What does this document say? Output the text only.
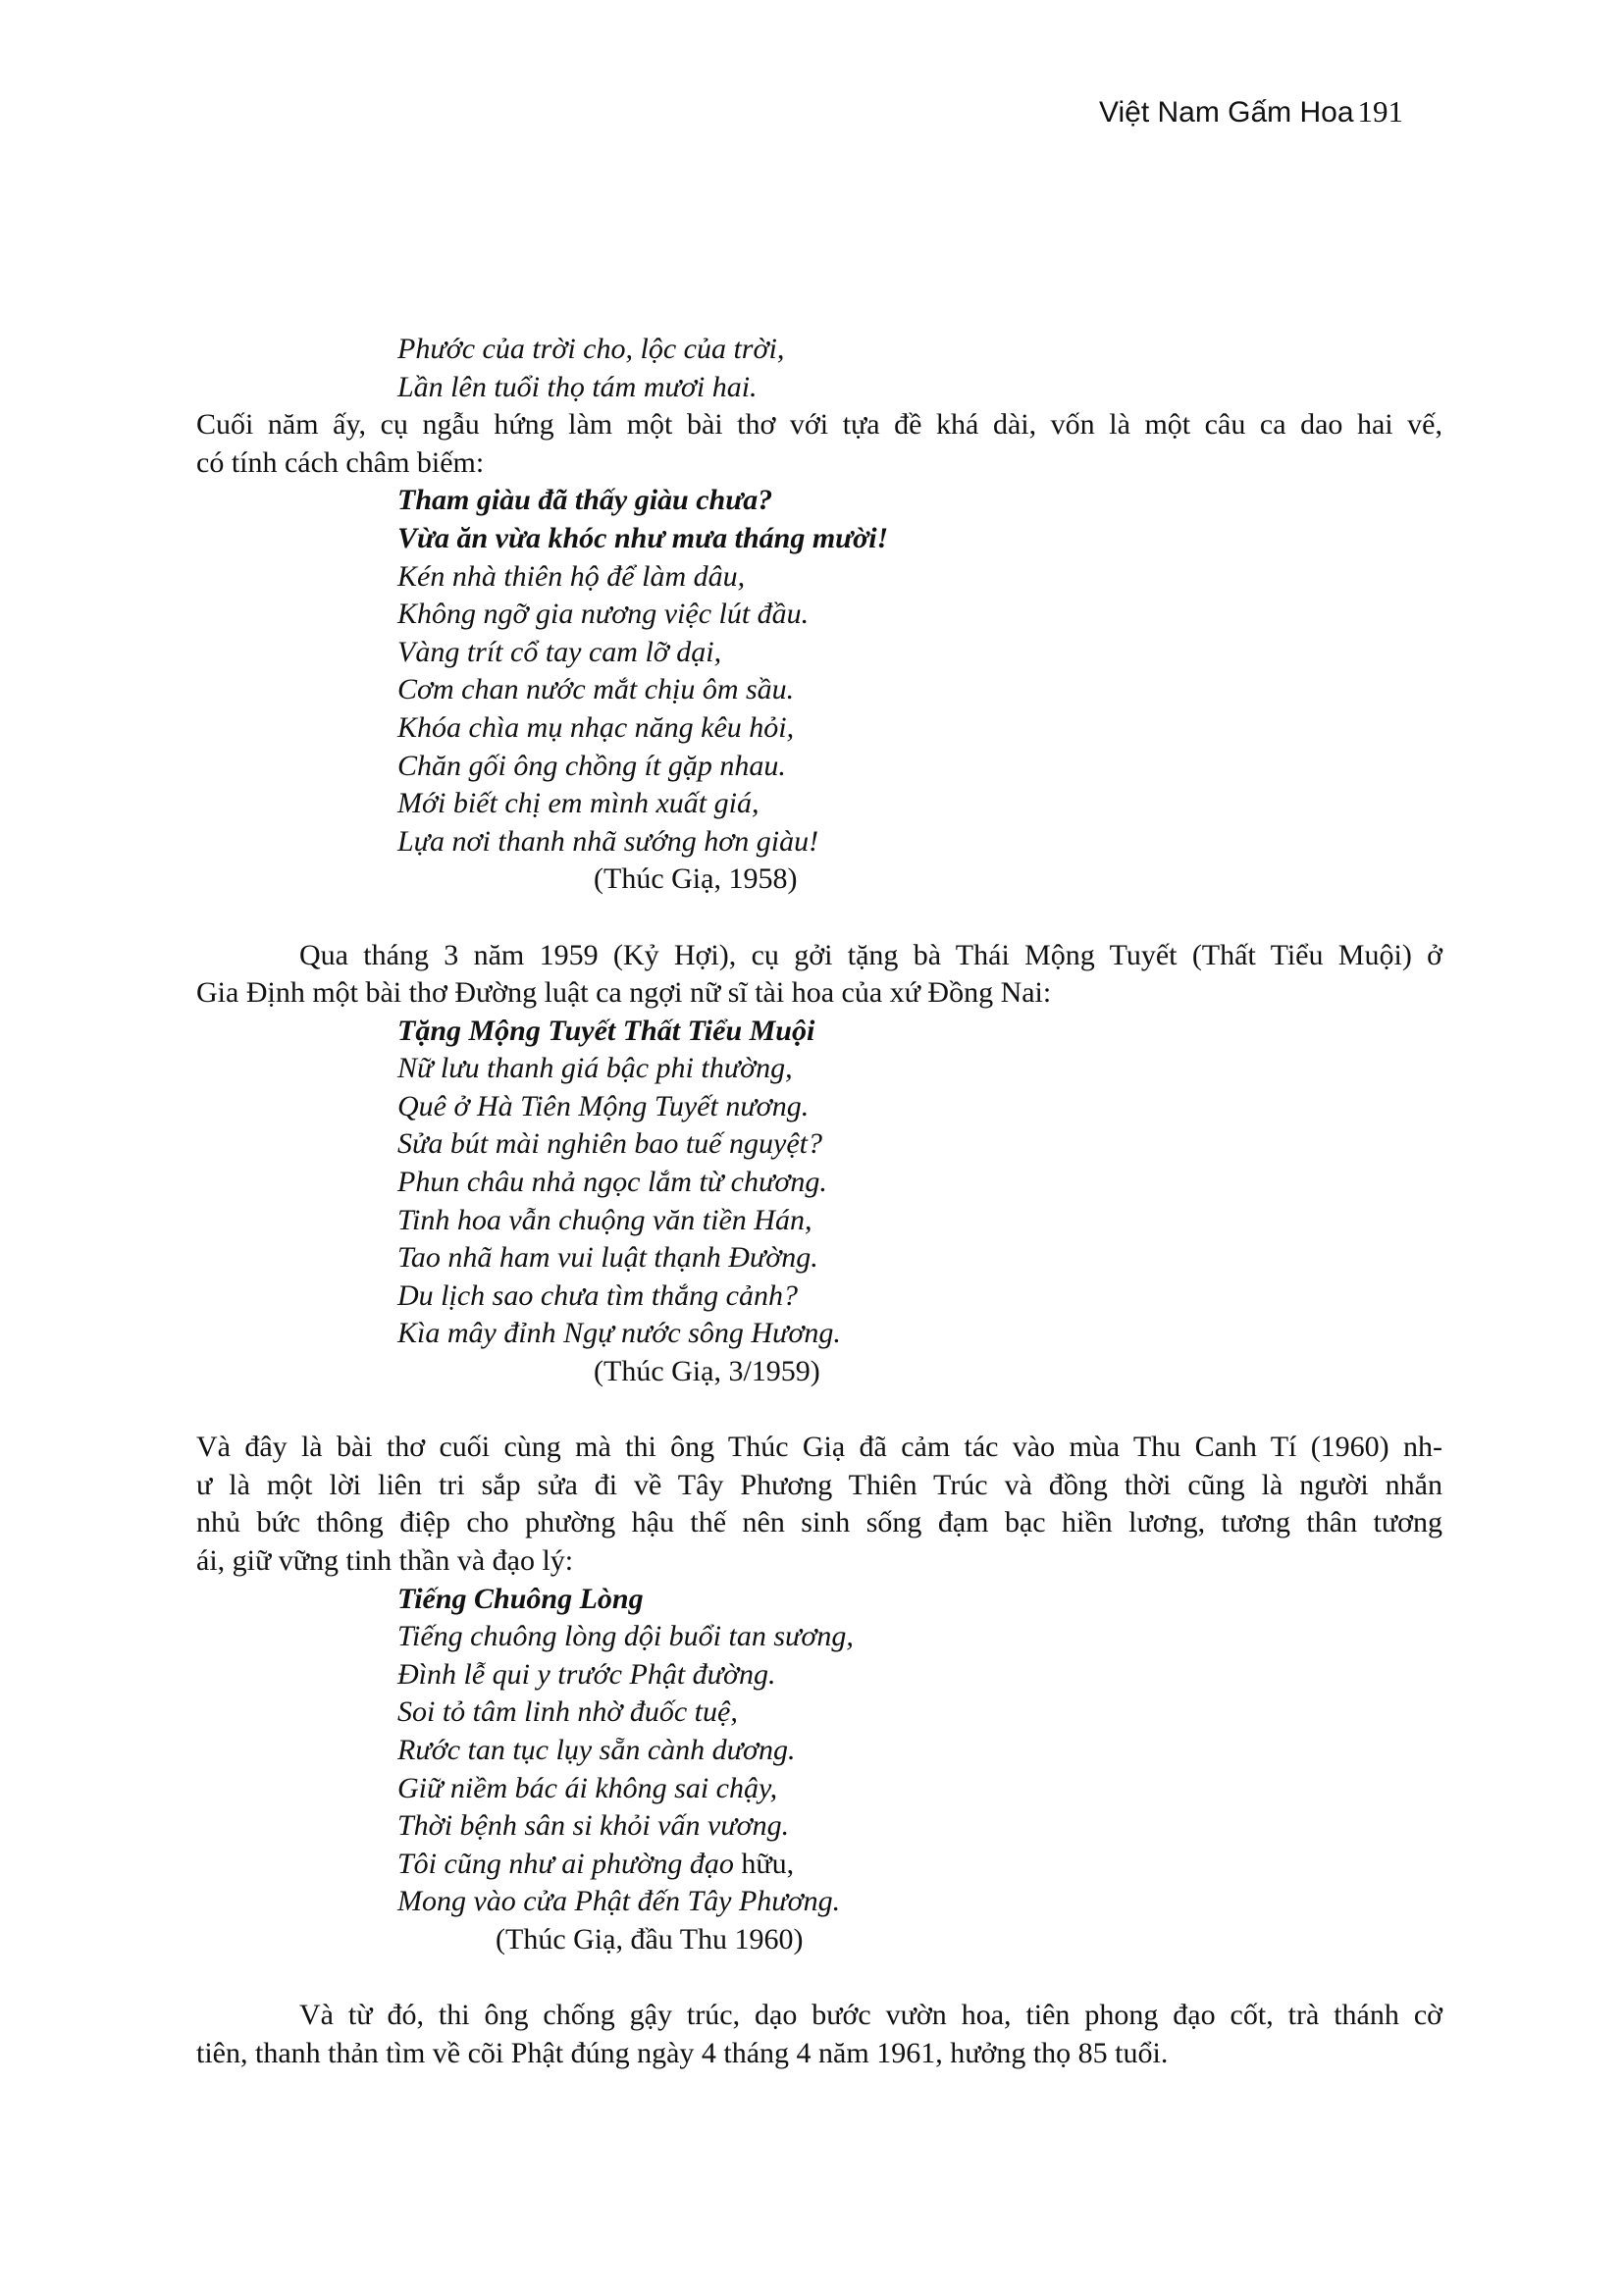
Việt Nam Gấm Hoa 191
Phước của trời cho, lộc của trời,
Lần lên tuổi thọ tám mươi hai.
Cuối năm ấy, cụ ngẫu hứng làm một bài thơ với tựa đề khá dài, vốn là một câu ca dao hai vế,
có tính cách châm biếm:
Tham giàu đã thấy giàu chưa?
Vừa ăn vừa khóc như mưa tháng mười!
Kén nhà thiên hộ để làm dâu,
Không ngỡ gia nương việc lút đầu.
Vàng trít cổ tay cam lỡ dại,
Cơm chan nước mắt chịu ôm sầu.
Khóa chìa mụ nhạc năng kêu hỏi,
Chăn gối ông chồng ít gặp nhau.
Mới biết chị em mình xuất giá,
Lựa nơi thanh nhã sướng hơn giàu!
(Thúc Giạ, 1958)
Qua tháng 3 năm 1959 (Kỷ Hợi), cụ gởi tặng bà Thái Mộng Tuyết (Thất Tiểu Muội) ở
Gia Định một bài thơ Đường luật ca ngợi nữ sĩ tài hoa của xứ Đồng Nai:
Tặng Mộng Tuyết Thất Tiểu Muội
Nữ lưu thanh giá bậc phi thường,
Quê ở Hà Tiên Mộng Tuyết nương.
Sửa bút mài nghiên bao tuế nguyệt?
Phun châu nhả ngọc lắm từ chương.
Tinh hoa vẫn chuộng văn tiền Hán,
Tao nhã ham vui luật thạnh Đường.
Du lịch sao chưa tìm thắng cảnh?
Kìa mây đỉnh Ngự nước sông Hương.
(Thúc Giạ, 3/1959)
Và đây là bài thơ cuối cùng mà thi ông Thúc Giạ đã cảm tác vào mùa Thu Canh Tí (1960) nh-
ư là một lời liên tri sắp sửa đi về Tây Phương Thiên Trúc và đồng thời cũng là người nhắn
nhủ bức thông điệp cho phường hậu thế nên sinh sống đạm bạc hiền lương, tương thân tương
ái, giữ vững tinh thần và đạo lý:
Tiếng Chuông Lòng
Tiếng chuông lòng dội buổi tan sương,
Đình lễ qui y trước Phật đường.
Soi tỏ tâm linh nhờ đuốc tuệ,
Rước tan tục lụy sẵn cành dương.
Giữ niềm bác ái không sai chậy,
Thời bệnh sân si khỏi vấn vương.
Tôi cũng như ai phường đạo hữu,
Mong vào cửa Phật đến Tây Phương.
(Thúc Giạ, đầu Thu 1960)
Và từ đó, thi ông chống gậy trúc, dạo bước vườn hoa, tiên phong đạo cốt, trà thánh cờ
tiên, thanh thản tìm về cõi Phật đúng ngày 4 tháng 4 năm 1961, hưởng thọ 85 tuổi.
